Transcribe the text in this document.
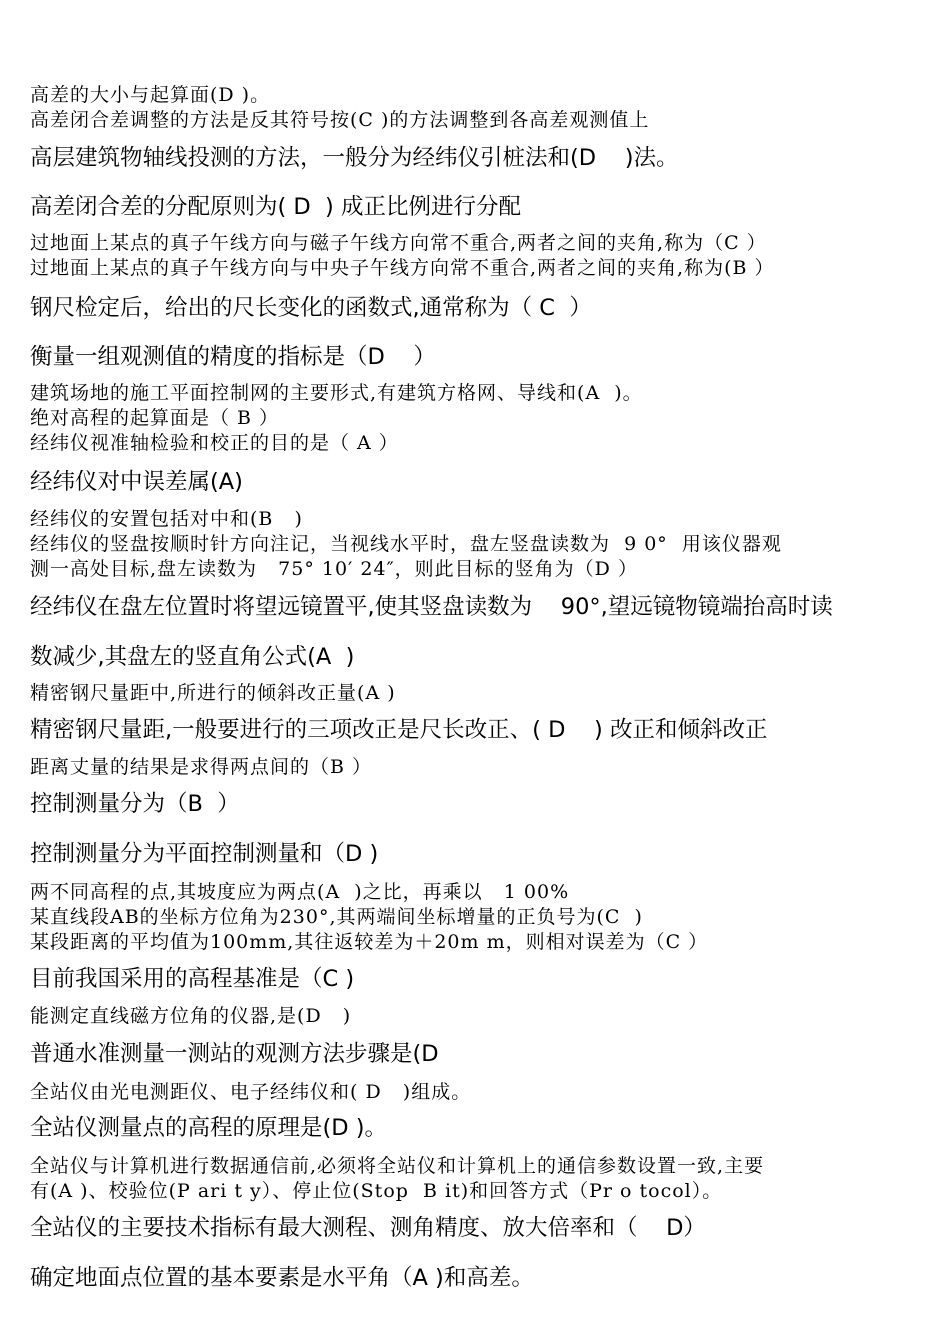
高差的大小与起算面(D )。
高差闭合差调整的方法是反其符号按(C )的方法调整到各高差观测值上
高层建筑物轴线投测的方法，一般分为经纬仪引桩法和(D    )法。
高差闭合差的分配原则为( D  ) 成正比例进行分配
过地面上某点的真子午线方向与磁子午线方向常不重合,两者之间的夹角,称为（C ）
过地面上某点的真子午线方向与中央子午线方向常不重合,两者之间的夹角,称为(B ）
钢尺检定后，给出的尺长变化的函数式,通常称为（ C  ）
衡量一组观测值的精度的指标是（D    ）
建筑场地的施工平面控制网的主要形式,有建筑方格网、导线和(A  )。
绝对高程的起算面是（ B ）
经纬仪视准轴检验和校正的目的是（ A ）
经纬仪对中误差属(A)
经纬仪的安置包括对中和(B   )
经纬仪的竖盘按顺时针方向注记，当视线水平时，盘左竖盘读数为  9 0°  用该仪器观
测一高处目标,盘左读数为   75° 10′ 24″，则此目标的竖角为（D ）
经纬仪在盘左位置时将望远镜置平,使其竖盘读数为    90°,望远镜物镜端抬高时读
数减少,其盘左的竖直角公式(A  )
精密钢尺量距中,所进行的倾斜改正量(A )
精密钢尺量距,一般要进行的三项改正是尺长改正、( D    ) 改正和倾斜改正
距离丈量的结果是求得两点间的（B ）
控制测量分为（B  ）
控制测量分为平面控制测量和（D )
两不同高程的点,其坡度应为两点(A  )之比，再乘以   1 00%
某直线段AB的坐标方位角为230°,其两端间坐标增量的正负号为(C  )
某段距离的平均值为100mm,其往返较差为＋20m m，则相对误差为（C ）
目前我国采用的高程基准是（C )
能测定直线磁方位角的仪器,是(D   )
普通水准测量一测站的观测方法步骤是(D
全站仪由光电测距仪、电子经纬仪和( D   )组成。
全站仪测量点的高程的原理是(D )。
全站仪与计算机进行数据通信前,必须将全站仪和计算机上的通信参数设置一致,主要
有(A )、校验位(P ari t y）、停止位(Stop  B it)和回答方式（Pr o tocol）。
全站仪的主要技术指标有最大测程、测角精度、放大倍率和（    D）
确定地面点位置的基本要素是水平角（A )和高差。
